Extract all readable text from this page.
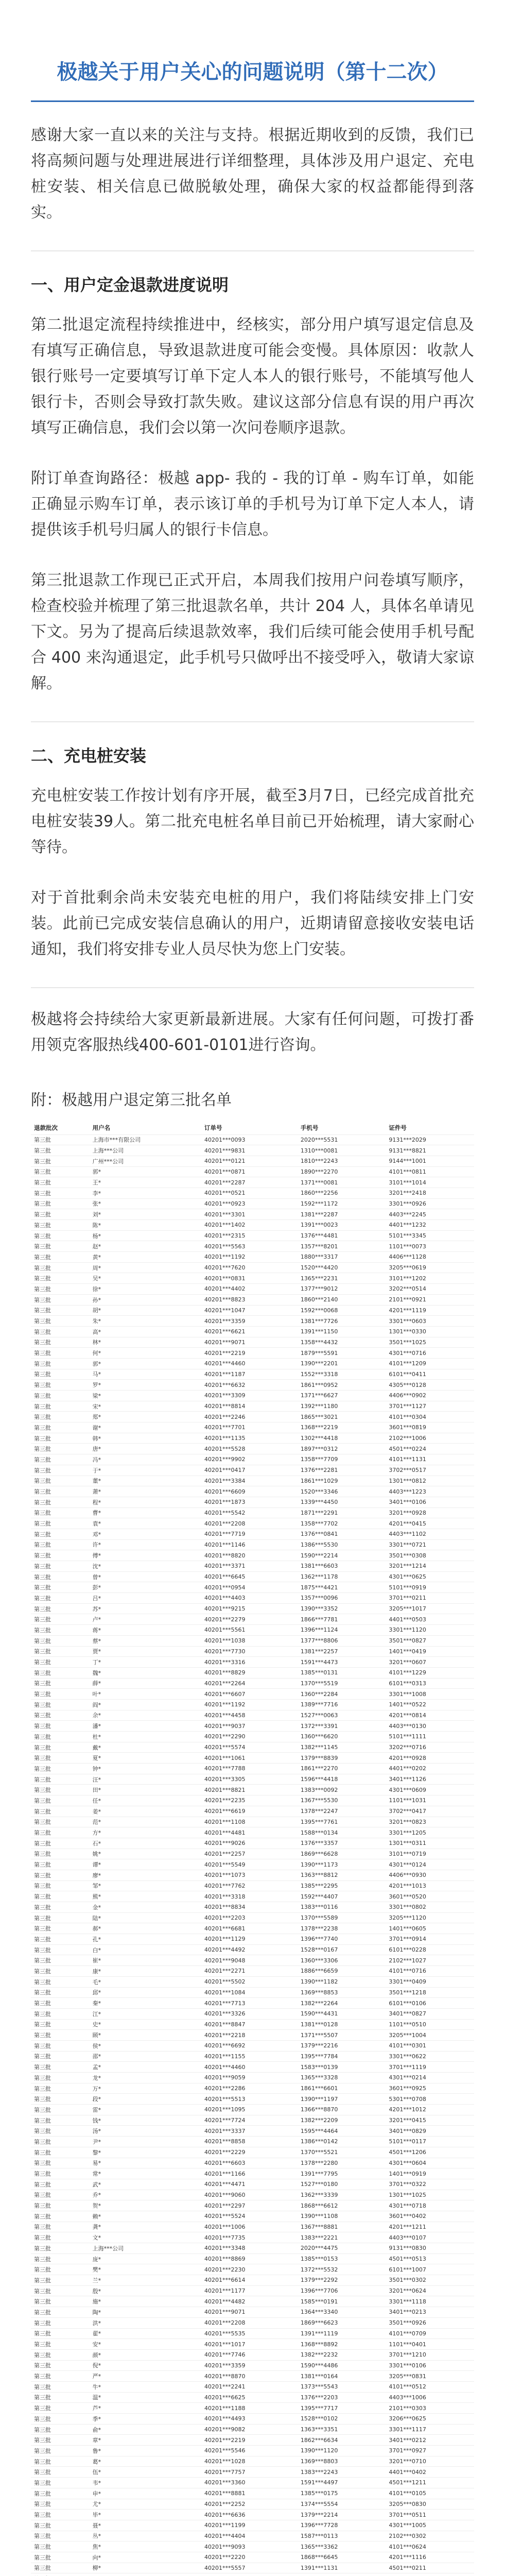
极越关于用户关心的问题说明（第十二次）

感谢大家一直以来的关注与支持。根据近期收到的反馈，我们已将高频问题与处理进展进行详细整理，具体涉及用户退定、充电桩安装、相关信息已做脱敏处理，确保大家的权益都能得到落实。

一、用户定金退款进度说明

第二批退定流程持续推进中，经核实，部分用户填写退定信息及有填写正确信息，导致退款进度可能会变慢。具体原因：收款人银行账号一定要填写订单下定人本人的银行账号，不能填写他人银行卡，否则会导致打款失败。建议这部分信息有误的用户再次填写正确信息，我们会以第一次问卷顺序退款。

附订单查询路径：极越 app- 我的 - 我的订单 - 购车订单，如能正确显示购车订单，表示该订单的手机号为订单下定人本人，请提供该手机号归属人的银行卡信息。

第三批退款工作现已正式开启，本周我们按用户问卷填写顺序，检查校验并梳理了第三批退款名单，共计 204 人，具体名单请见下文。另为了提高后续退款效率，我们后续可能会使用手机号配合 400 来沟通退定，此手机号只做呼出不接受呼入，敬请大家谅解。

二、充电桩安装

充电桩安装工作按计划有序开展，截至3月7日，已经完成首批充电桩安装39人。第二批充电桩名单目前已开始梳理，请大家耐心等待。

对于首批剩余尚未安装充电桩的用户，我们将陆续安排上门安装。此前已完成安装信息确认的用户，近期请留意接收安装电话通知，我们将安排专业人员尽快为您上门安装。

极越将会持续给大家更新最新进展。大家有任何问题，可拨打番用领克客服热线400-601-0101进行咨询。

附：极越用户退定第三批名单
退款批次	用户名	订单号	手机号	证件号
第三批	上海市***有限公司	40201***0093	2020***5531	9131***2029
第三批	上海***公司	40201***9831	1310***0081	9131***8821
第三批	广州***公司	40201***0121	1810***2243	9144***1001
第三批	郭*	40201***0871	1890***2270	4101***0811
第三批	王*	40201***2287	1371***0081	3101***1014
第三批	李*	40201***0521	1860***2256	3201***2418
第三批	张*	40201***0923	1592***1172	3301***0926
第三批	刘*	40201***3301	1381***2287	4403***2245
第三批	陈*	40201***1402	1391***0023	4401***1232
第三批	杨*	40201***2315	1376***4481	5101***3345
第三批	赵*	40201***5563	1357***8201	1101***0073
第三批	黄*	40201***1192	1880***3317	4406***1128
第三批	周*	40201***7620	1520***4420	3205***0619
第三批	吴*	40201***0831	1365***2231	3101***1202
第三批	徐*	40201***4402	1377***9012	3202***0514
第三批	孙*	40201***8823	1860***2140	2101***0921
第三批	胡*	40201***1047	1592***0068	4201***1119
第三批	朱*	40201***3359	1381***7726	3301***0603
第三批	高*	40201***6621	1391***1150	1301***0330
第三批	林*	40201***9071	1358***4432	3501***1025
第三批	何*	40201***2219	1879***5591	4301***0716
第三批	郭*	40201***4460	1390***2201	4101***1209
第三批	马*	40201***1187	1552***3318	6101***0411
第三批	罗*	40201***6632	1861***0952	4305***0128
第三批	梁*	40201***3309	1371***6627	4406***0902
第三批	宋*	40201***8814	1392***1180	3701***1127
第三批	郑*	40201***2246	1865***3021	4101***0304
第三批	谢*	40201***7701	1368***2219	3601***0819
第三批	韩*	40201***1135	1302***4418	2102***1006
第三批	唐*	40201***5528	1897***0312	4501***0224
第三批	冯*	40201***9902	1358***7709	4101***1131
第三批	于*	40201***0417	1376***2281	3702***0517
第三批	董*	40201***3384	1861***1029	1301***0812
第三批	萧*	40201***6609	1520***3346	4403***1223
第三批	程*	40201***1873	1339***4450	3401***0106
第三批	曹*	40201***5542	1871***2291	3201***0928
第三批	袁*	40201***2208	1358***7702	4201***0415
第三批	邓*	40201***7719	1376***0841	4403***1102
第三批	许*	40201***1146	1386***5530	3301***0721
第三批	傅*	40201***8820	1590***2214	3501***0308
第三批	沈*	40201***3371	1381***6603	3201***1214
第三批	曾*	40201***6645	1362***1178	4301***0625
第三批	彭*	40201***0954	1875***4421	5101***0919
第三批	吕*	40201***4403	1357***0096	3701***0211
第三批	苏*	40201***9215	1390***3352	3205***1017
第三批	卢*	40201***2279	1866***7781	4401***0503
第三批	蒋*	40201***5561	1396***1124	3301***1120
第三批	蔡*	40201***1038	1377***8806	3501***0827
第三批	贾*	40201***7730	1381***2257	1401***0419
第三批	丁*	40201***3316	1591***4473	3201***0607
第三批	魏*	40201***8829	1385***0131	4101***1229
第三批	薛*	40201***2264	1370***5519	6101***0313
第三批	叶*	40201***6607	1360***2284	3301***1008
第三批	阎*	40201***1192	1389***7716	1401***0522
第三批	余*	40201***4458	1527***0063	4201***0814
第三批	潘*	40201***9037	1372***3391	4403***0130
第三批	杜*	40201***2290	1360***6620	5101***1111
第三批	戴*	40201***5574	1382***1145	3202***0716
第三批	夏*	40201***1061	1379***8839	4201***0928
第三批	钟*	40201***7788	1861***2270	4401***0202
第三批	汪*	40201***3305	1596***4418	3401***1126
第三批	田*	40201***8821	1383***0092	4301***0609
第三批	任*	40201***2235	1367***5530	1101***1031
第三批	姜*	40201***6619	1378***2247	3702***0417
第三批	范*	40201***1108	1395***7761	3201***0823
第三批	方*	40201***4481	1588***0134	3301***1205
第三批	石*	40201***9026	1376***3357	1301***0311
第三批	姚*	40201***2257	1869***6628	3101***0719
第三批	谭*	40201***5549	1390***1173	4301***0124
第三批	廖*	40201***1073	1363***8812	4406***0930
第三批	邹*	40201***7762	1385***2295	4201***1013
第三批	熊*	40201***3318	1592***4407	3601***0520
第三批	金*	40201***8834	1383***0116	3301***0802
第三批	陆*	40201***2203	1370***5589	3205***1120
第三批	郝*	40201***6681	1378***2238	1401***0605
第三批	孔*	40201***1129	1396***7740	3701***0914
第三批	白*	40201***4492	1528***0167	6101***0228
第三批	崔*	40201***9048	1360***3306	2102***1027
第三批	康*	40201***2271	1886***6659	4101***0716
第三批	毛*	40201***5502	1390***1182	3301***0409
第三批	邱*	40201***1084	1369***8853	3501***1218
第三批	秦*	40201***7713	1382***2264	6101***0106
第三批	江*	40201***3326	1590***4431	3401***0827
第三批	史*	40201***8847	1381***0128	1101***0510
第三批	顾*	40201***2218	1371***5507	3205***1004
第三批	侯*	40201***6692	1379***2216	4101***0301
第三批	邵*	40201***1155	1395***7784	3301***0622
第三批	孟*	40201***4460	1583***0139	3701***1119
第三批	龙*	40201***9059	1365***3328	4301***0214
第三批	万*	40201***2286	1861***6601	3601***0925
第三批	段*	40201***5513	1390***1197	5301***0708
第三批	雷*	40201***1095	1366***8870	4201***1012
第三批	钱*	40201***7724	1382***2209	3201***0415
第三批	汤*	40201***3337	1595***4464	3401***0829
第三批	尹*	40201***8858	1386***0142	5101***0117
第三批	黎*	40201***2229	1370***5521	4501***1206
第三批	易*	40201***6603	1378***2280	4301***0604
第三批	常*	40201***1166	1391***7795	1401***0919
第三批	武*	40201***4471	1527***0180	3701***0322
第三批	乔*	40201***9060	1362***3339	1301***1025
第三批	贺*	40201***2297	1868***6612	4301***0718
第三批	赖*	40201***5524	1390***1108	3601***0402
第三批	龚*	40201***1006	1367***8881	4201***1211
第三批	文*	40201***7735	1383***2221	4403***0107
第三批	上海***公司	40201***3348	2020***4475	9131***0830
第三批	庞*	40201***8869	1385***0153	4501***0513
第三批	樊*	40201***2230	1372***5532	6101***1007
第三批	兰*	40201***6614	1379***2292	3501***0302
第三批	殷*	40201***1177	1396***7706	3201***0624
第三批	施*	40201***4482	1585***0191	3301***1118
第三批	陶*	40201***9071	1364***3340	3401***0213
第三批	洪*	40201***2208	1869***6623	3501***0926
第三批	翟*	40201***5535	1391***1119	4101***0709
第三批	安*	40201***1017	1368***8892	1101***0401
第三批	颜*	40201***7746	1382***2232	3701***1210
第三批	倪*	40201***3359	1590***4486	3301***0106
第三批	严*	40201***8870	1381***0164	3205***0831
第三批	牛*	40201***2241	1373***5543	4101***0512
第三批	温*	40201***6625	1376***2203	4403***1006
第三批	芦*	40201***1188	1395***7717	2101***0303
第三批	季*	40201***4493	1528***0102	3206***0625
第三批	俞*	40201***9082	1363***3351	3301***1117
第三批	章*	40201***2219	1862***6634	3401***0212
第三批	鲁*	40201***5546	1390***1120	3701***0927
第三批	葛*	40201***1028	1369***8803	3201***0710
第三批	伍*	40201***7757	1383***2243	4401***0402
第三批	韦*	40201***3360	1591***4497	4501***1211
第三批	申*	40201***8881	1385***0175	4101***0105
第三批	尤*	40201***2252	1374***5554	3205***0830
第三批	毕*	40201***6636	1379***2214	3701***0511
第三批	聂*	40201***1199	1396***7728	4301***1005
第三批	丛*	40201***4404	1587***0113	2102***0302
第三批	焦*	40201***9093	1365***3362	4101***0624
第三批	向*	40201***2220	1868***6645	4201***1116
第三批	柳*	40201***5557	1391***1131	4501***0211
